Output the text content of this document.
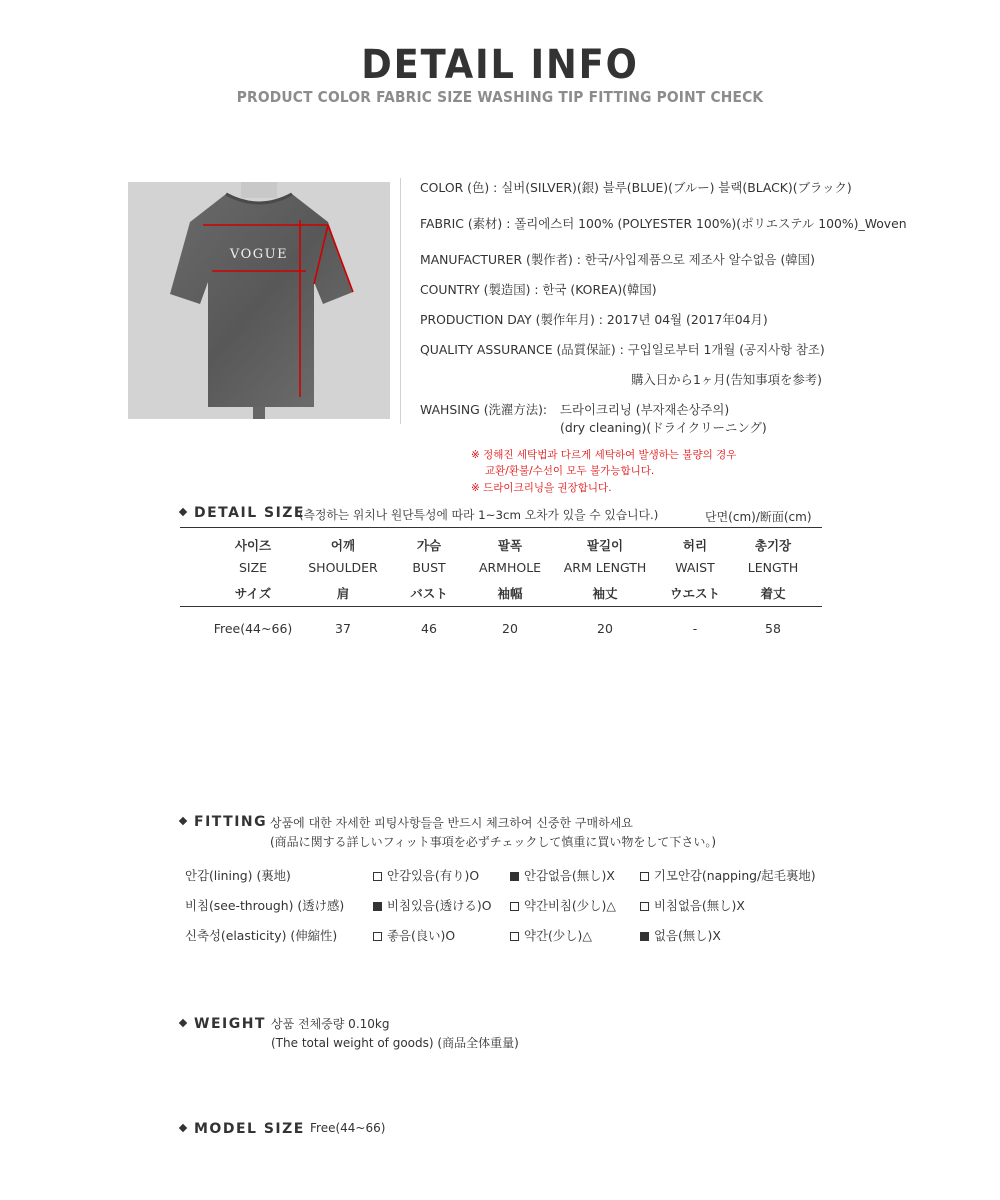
DETAIL INFO
PRODUCT COLOR FABRIC SIZE WASHING TIP FITTING POINT CHECK
VOGUE
COLOR (色) : 실버(SILVER)(銀) 블루(BLUE)(ブルー) 블랙(BLACK)(ブラック)
FABRIC (素材) : 폴리에스터 100% (POLYESTER 100%)(ポリエステル 100%)_Woven
MANUFACTURER (製作者) : 한국/사입제품으로 제조사 알수없음 (韓国)
COUNTRY (製造国) : 한국 (KOREA)(韓国)
PRODUCTION DAY (製作年月) : 2017년 04월 (2017年04月)
QUALITY ASSURANCE (品質保証) : 구입일로부터 1개월 (공지사항 참조)
購入日から1ヶ月(告知事項を参考)
WAHSING (洗濯方法): 드라이크리닝 (부자재손상주의)
(dry cleaning)(ドライクリーニング)
※ 정해진 세탁법과 다르게 세탁하여 발생하는 불량의 경우
교환/환불/수선이 모두 불가능합니다.
※ 드라이크리닝을 권장합니다.
DETAIL SIZE
(측정하는 위치나 원단특성에 따라 1~3cm 오차가 있을 수 있습니다.)	단면(cm)/断面(cm)
사이즈	어깨	가슴	팔폭	팔길이	허리	총기장
SIZE	SHOULDER	BUST	ARMHOLE	ARM LENGTH	WAIST	LENGTH
サイズ	肩	バスト	袖幅	袖丈	ウエスト	着丈
Free(44~66)	37	46	20	20	-	58
FITTING 상품에 대한 자세한 피팅사항들을 반드시 체크하여 신중한 구매하세요
(商品に関する詳しいフィット事項を必ずチェックして慎重に買い物をして下さい。)
안감(lining) (裏地)	안감있음(有り)O	안감없음(無し)X	기모안감(napping/起毛裏地)
비침(see-through) (透け感)	비침있음(透ける)O	약간비침(少し)△	비침없음(無し)X
신축성(elasticity) (伸縮性)	좋음(良い)O	약간(少し)△	없음(無し)X
WEIGHT 상품 전체중량 0.10kg
(The total weight of goods) (商品全体重量)
MODEL SIZE Free(44~66)
